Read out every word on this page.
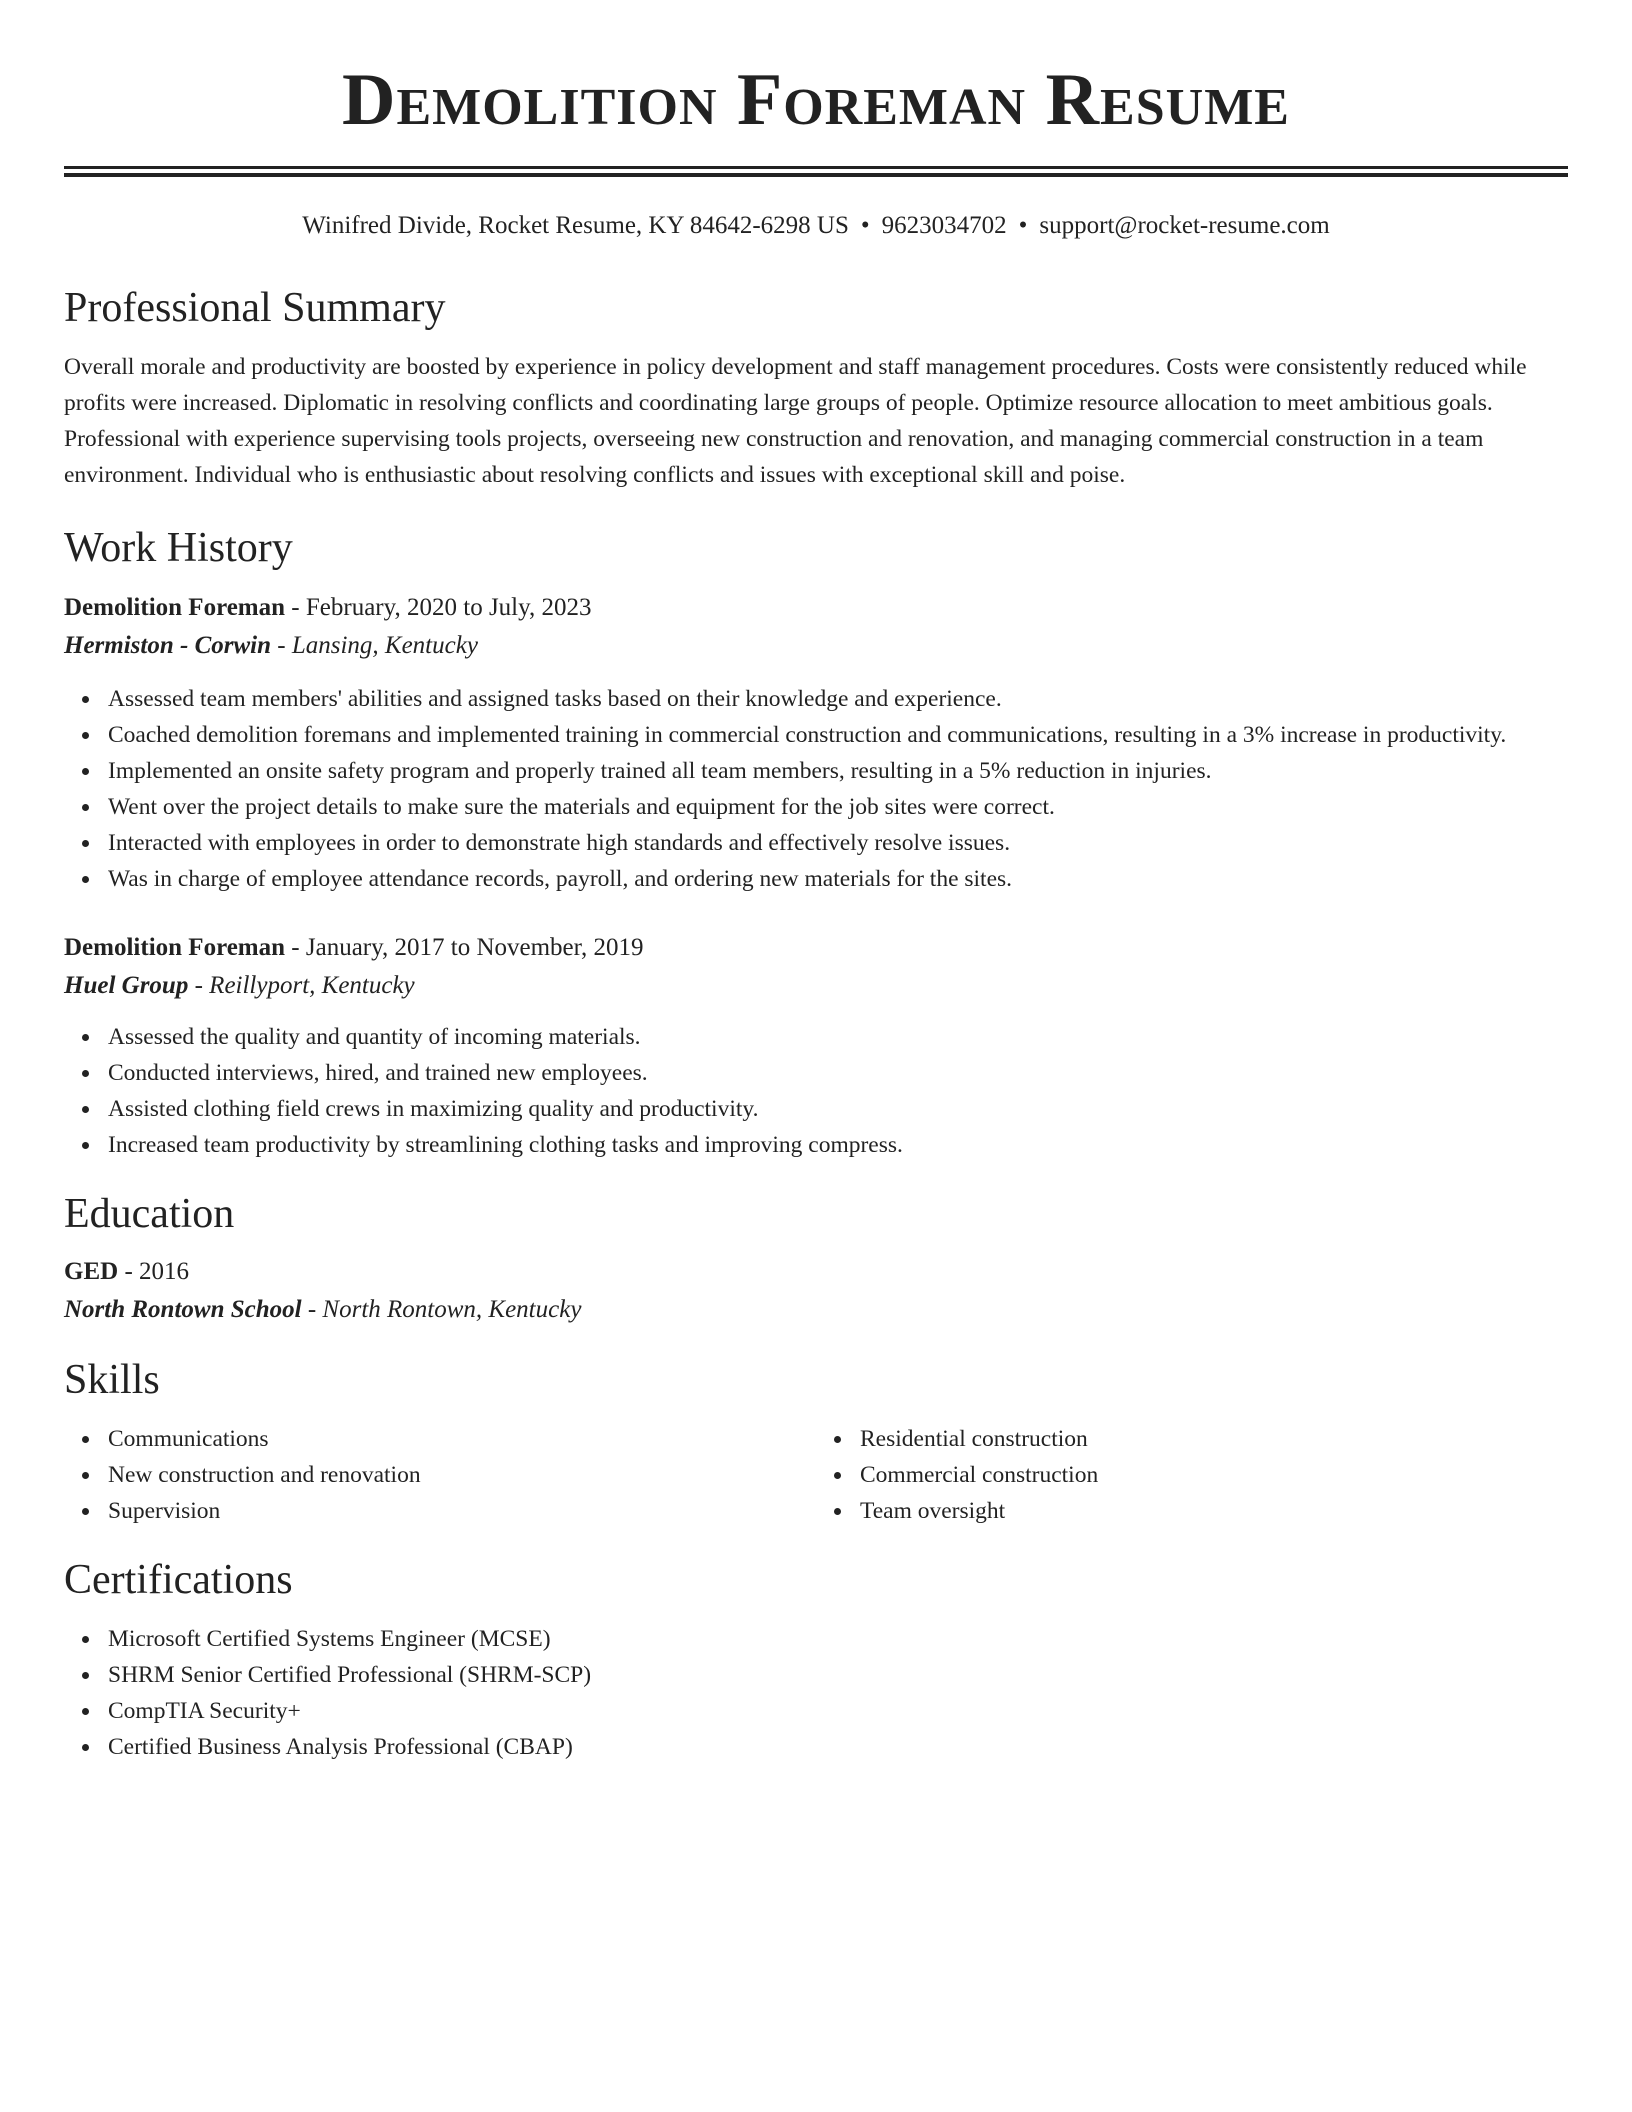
Demolition Foreman Resume
Winifred Divide, Rocket Resume, KY 84642-6298 US • 9623034702 • support@rocket-resume.com
Professional Summary

Overall morale and productivity are boosted by experience in policy development and staff management procedures. Costs were consistently reduced while profits were increased. Diplomatic in resolving conflicts and coordinating large groups of people. Optimize resource allocation to meet ambitious goals. Professional with experience supervising tools projects, overseeing new construction and renovation, and managing commercial construction in a team environment. Individual who is enthusiastic about resolving conflicts and issues with exceptional skill and poise.

Work History
Demolition Foreman - February, 2020 to July, 2023
Hermiston - Corwin - Lansing, Kentucky
Assessed team members' abilities and assigned tasks based on their knowledge and experience.
Coached demolition foremans and implemented training in commercial construction and communications, resulting in a 3% increase in productivity.
Implemented an onsite safety program and properly trained all team members, resulting in a 5% reduction in injuries.
Went over the project details to make sure the materials and equipment for the job sites were correct.
Interacted with employees in order to demonstrate high standards and effectively resolve issues.
Was in charge of employee attendance records, payroll, and ordering new materials for the sites.
Demolition Foreman - January, 2017 to November, 2019
Huel Group - Reillyport, Kentucky
Assessed the quality and quantity of incoming materials.
Conducted interviews, hired, and trained new employees.
Assisted clothing field crews in maximizing quality and productivity.
Increased team productivity by streamlining clothing tasks and improving compress.
Education
GED - 2016
North Rontown School - North Rontown, Kentucky
Skills
Communications
New construction and renovation
Supervision
Residential construction
Commercial construction
Team oversight
Certifications
Microsoft Certified Systems Engineer (MCSE)
SHRM Senior Certified Professional (SHRM-SCP)
CompTIA Security+
Certified Business Analysis Professional (CBAP)
